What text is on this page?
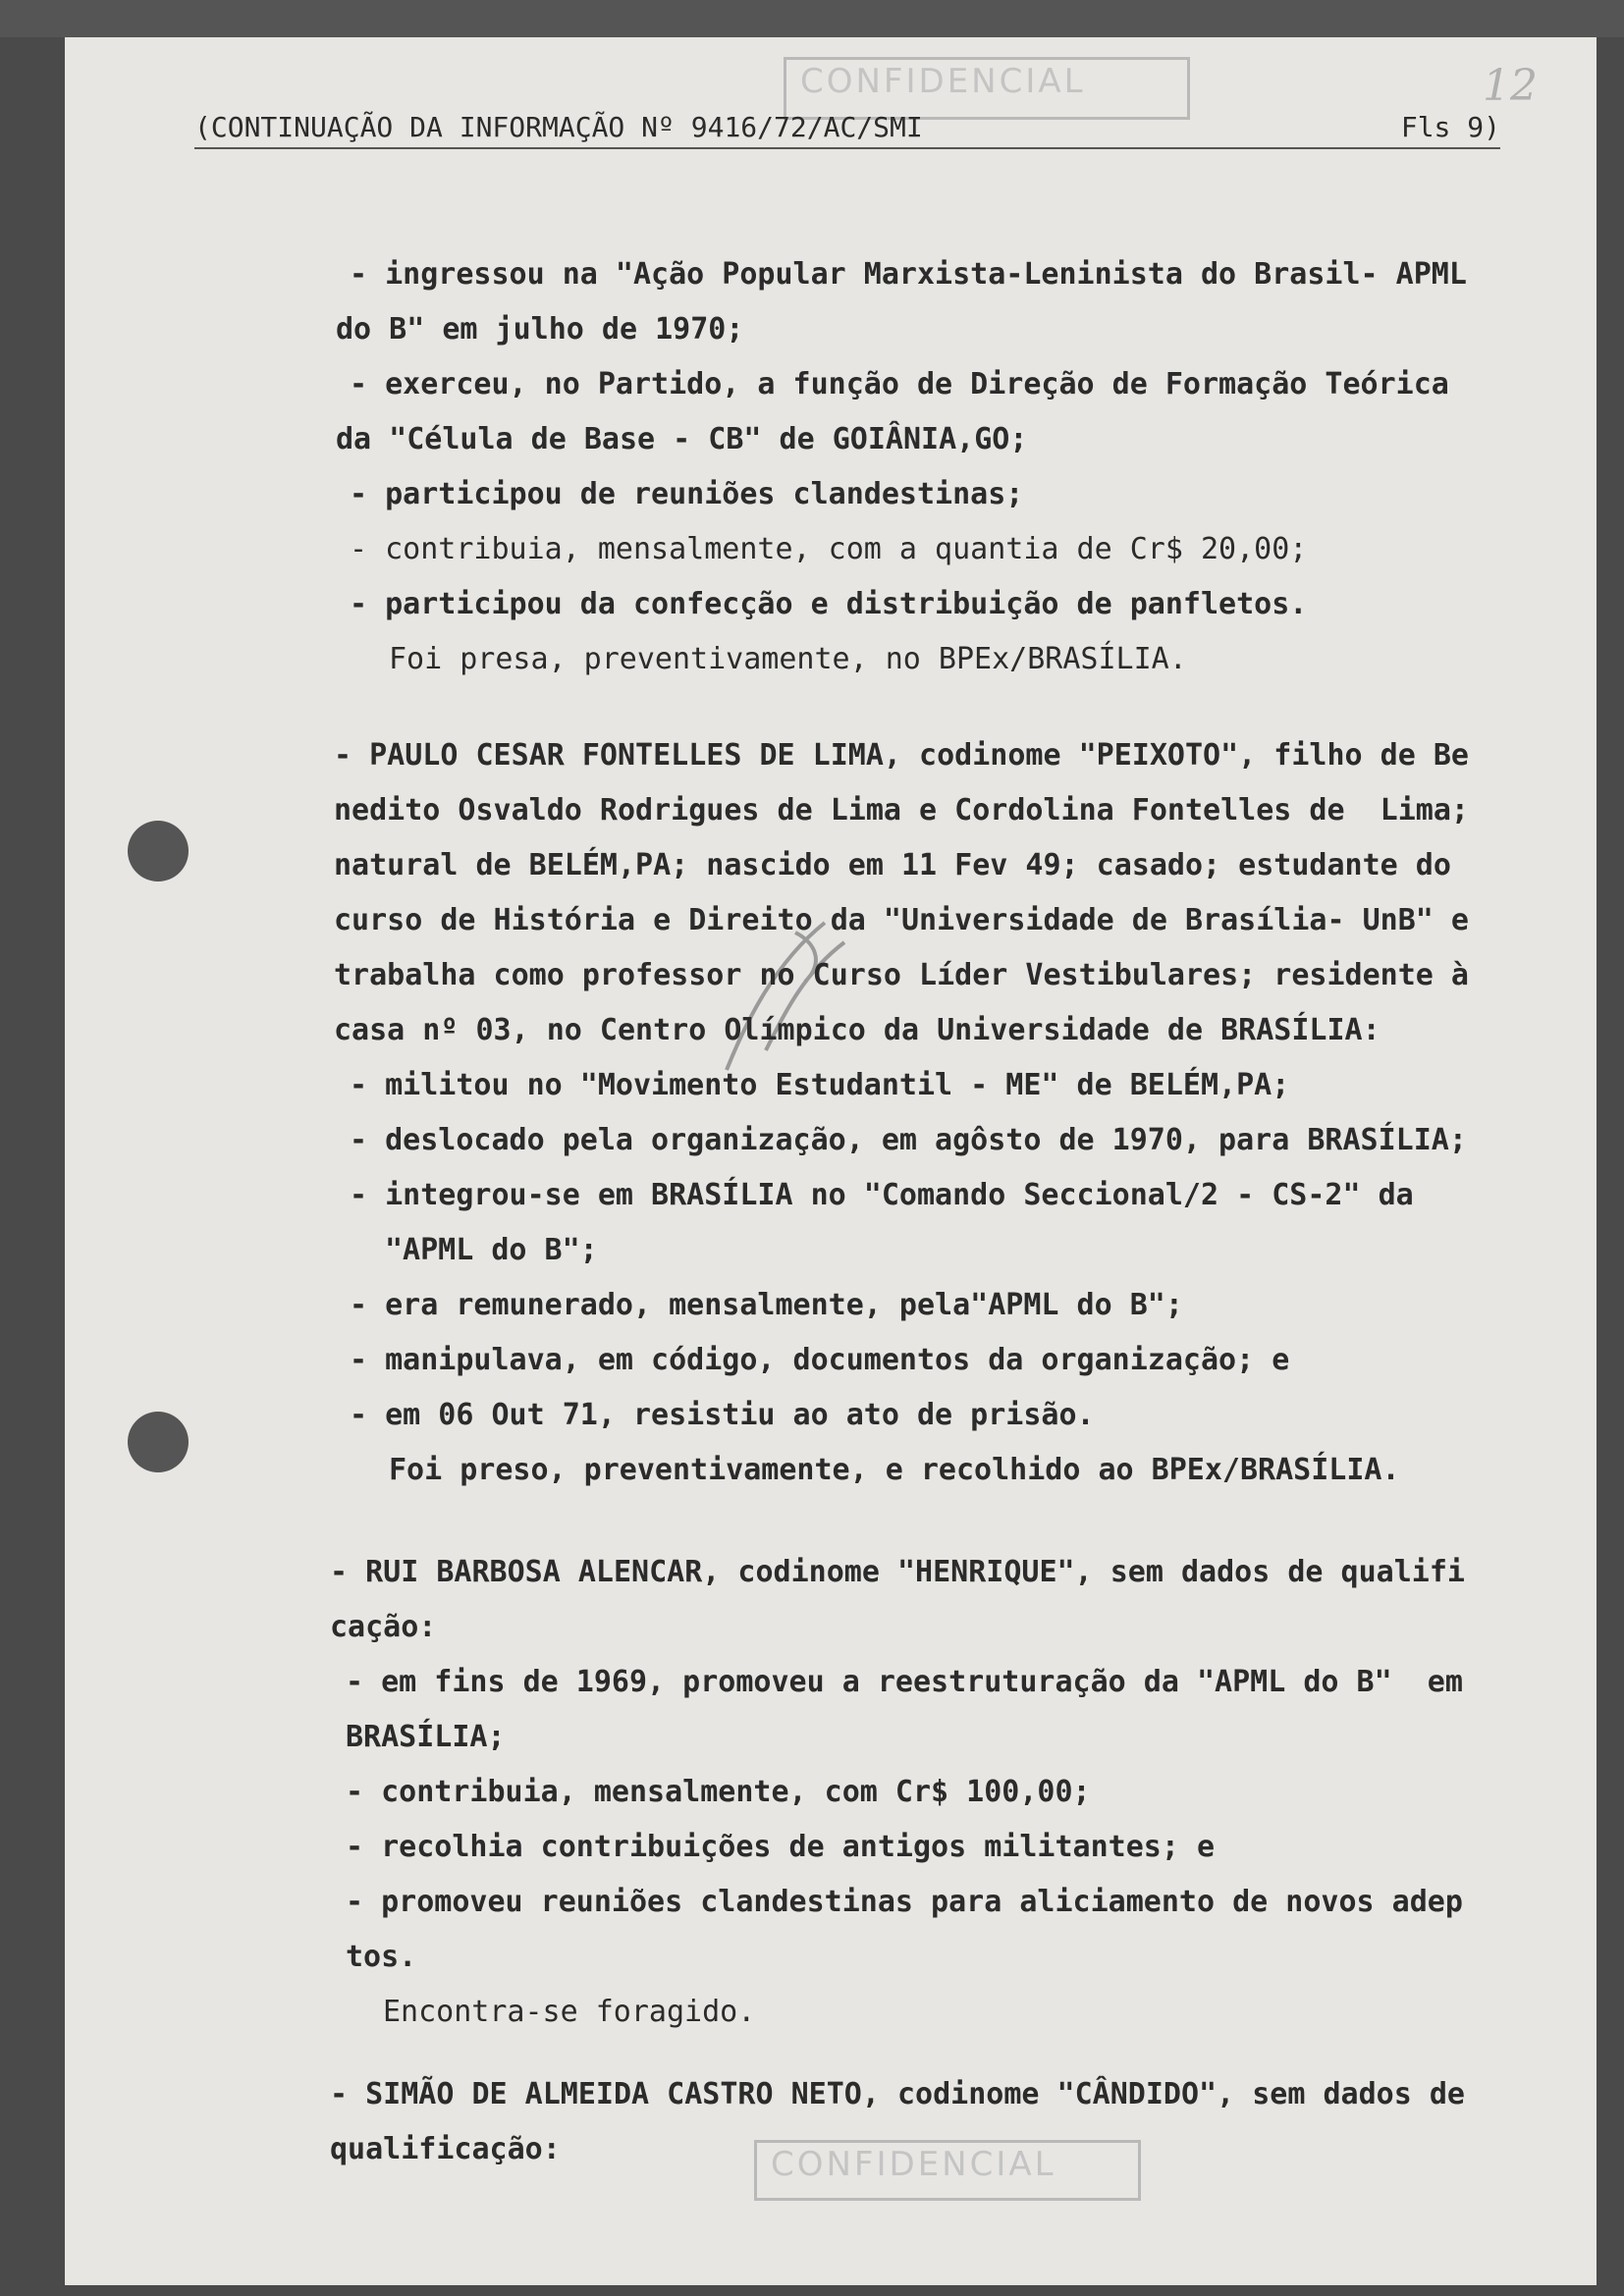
CONFIDENCIAL	12
(CONTINUAÇÃO DA INFORMAÇÃO Nº 9416/72/AC/SMI	Fls 9)
- ingressou na "Ação Popular Marxista-Leninista do Brasil- APML
do B" em julho de 1970;
- exerceu, no Partido, a função de Direção de Formação Teórica
da "Célula de Base - CB" de GOIÂNIA,GO;
- participou de reuniões clandestinas;
- contribuia, mensalmente, com a quantia de Cr$ 20,00;
- participou da confecção e distribuição de panfletos.
Foi presa, preventivamente, no BPEx/BRASÍLIA.
- PAULO CESAR FONTELLES DE LIMA, codinome "PEIXOTO", filho de Be
nedito Osvaldo Rodrigues de Lima e Cordolina Fontelles de  Lima;
natural de BELÉM,PA; nascido em 11 Fev 49; casado; estudante do
curso de História e Direito da "Universidade de Brasília- UnB" e
trabalha como professor no Curso Líder Vestibulares; residente à
casa nº 03, no Centro Olímpico da Universidade de BRASÍLIA:
- militou no "Movimento Estudantil - ME" de BELÉM,PA;
- deslocado pela organização, em agôsto de 1970, para BRASÍLIA;
- integrou-se em BRASÍLIA no "Comando Seccional/2 - CS-2" da
"APML do B";
- era remunerado, mensalmente, pela"APML do B";
- manipulava, em código, documentos da organização; e
- em 06 Out 71, resistiu ao ato de prisão.
Foi preso, preventivamente, e recolhido ao BPEx/BRASÍLIA.
- RUI BARBOSA ALENCAR, codinome "HENRIQUE", sem dados de qualifi
cação:
- em fins de 1969, promoveu a reestruturação da "APML do B"  em
BRASÍLIA;
- contribuia, mensalmente, com Cr$ 100,00;
- recolhia contribuições de antigos militantes; e
- promoveu reuniões clandestinas para aliciamento de novos adep
tos.
Encontra-se foragido.
- SIMÃO DE ALMEIDA CASTRO NETO, codinome "CÂNDIDO", sem dados de
qualificação:	CONFIDENCIAL
